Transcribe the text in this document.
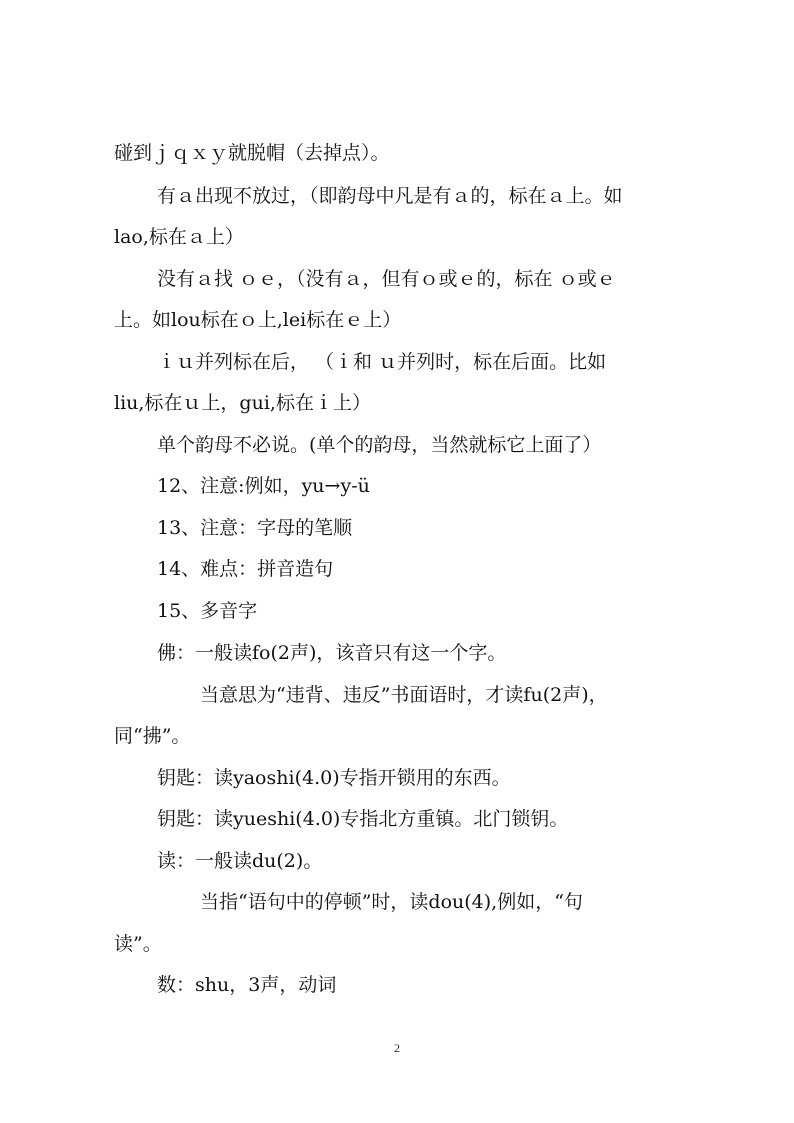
碰到ｊｑｘｙ就脱帽（去掉点）。

有ａ出现不放过，（即韵母中凡是有ａ的，标在ａ上。如

lao,标在ａ上）

没有ａ找 ｏｅ，（没有ａ，但有ｏ或ｅ的，标在 ｏ或ｅ

上。如lou标在ｏ上,lei标在ｅ上）

ｉｕ并列标在后， （ｉ和 ｕ并列时，标在后面。比如

liu,标在ｕ上，gui,标在ｉ上）

单个韵母不必说。(单个的韵母，当然就标它上面了）

12、注意:例如，yu→y-ü

13、注意：字母的笔顺

14、难点：拼音造句

15、多音字

佛：一般读fo(2声)，该音只有这一个字。

当意思为“违背、违反”书面语时，才读fu(2声)，

同“拂”。

钥匙：读yaoshi(4.0)专指开锁用的东西。

钥匙：读yueshi(4.0)专指北方重镇。北门锁钥。

读：一般读du(2)。

当指“语句中的停顿”时，读dou(4),例如，“句

读”。

数：shu，3声，动词

2
